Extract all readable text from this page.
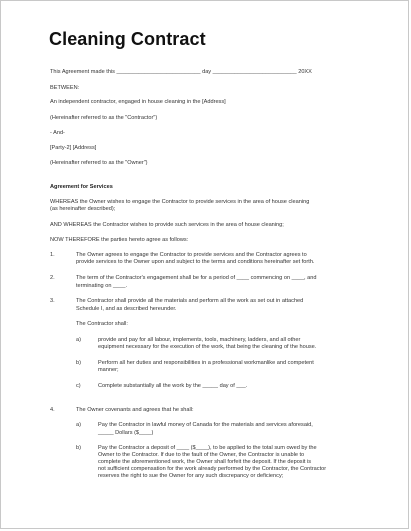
Cleaning Contract
This Agreement made this ___________________________ day ___________________________ 20XX
BETWEEN:
An independent contractor, engaged in house cleaning in the [Address]
(Hereinafter referred to as the "Contractor")
- And-
[Party-2] [Address]
(Hereinafter referred to as the "Owner")
Agreement for Services
WHEREAS the Owner wishes to engage the Contractor to provide services in the area of house cleaning
(as hereinafter described);
AND WHEREAS the Contractor wishes to provide such services in the area of house cleaning;
NOW THEREFORE the parties hereto agree as follows:
1.	The Owner agrees to engage the Contractor to provide services and the Contractor agrees to
provide services to the Owner upon and subject to the terms and conditions hereinafter set forth.
2.	The term of the Contractor's engagement shall be for a period of ____ commencing on ____, and
terminating on ____.
3.	The Contractor shall provide all the materials and perform all the work as set out in attached
Schedule I, and as described hereunder.
The Contractor shall:
a)	provide and pay for all labour, implements, tools, machinery, ladders, and all other
equipment necessary for the execution of the work, that being the cleaning of the house.
b)	Perform all her duties and responsibilities in a professional workmanlike and competent
manner;
c)	Complete substantially all the work by the _____ day of ___.
4.	The Owner covenants and agrees that he shall:
a)	Pay the Contractor in lawful money of Canada for the materials and services aforesaid,
_____ Dollars ($____)
b)	Pay the Contractor a deposit of ____ ($____), to be applied to the total sum owed by the
Owner to the Contractor. If due to the fault of the Owner, the Contractor is unable to
complete the aforementioned work, the Owner shall forfeit the deposit. If the deposit is
not sufficient compensation for the work already performed by the Contractor, the Contractor
reserves the right to sue the Owner for any such discrepancy or deficiency;
